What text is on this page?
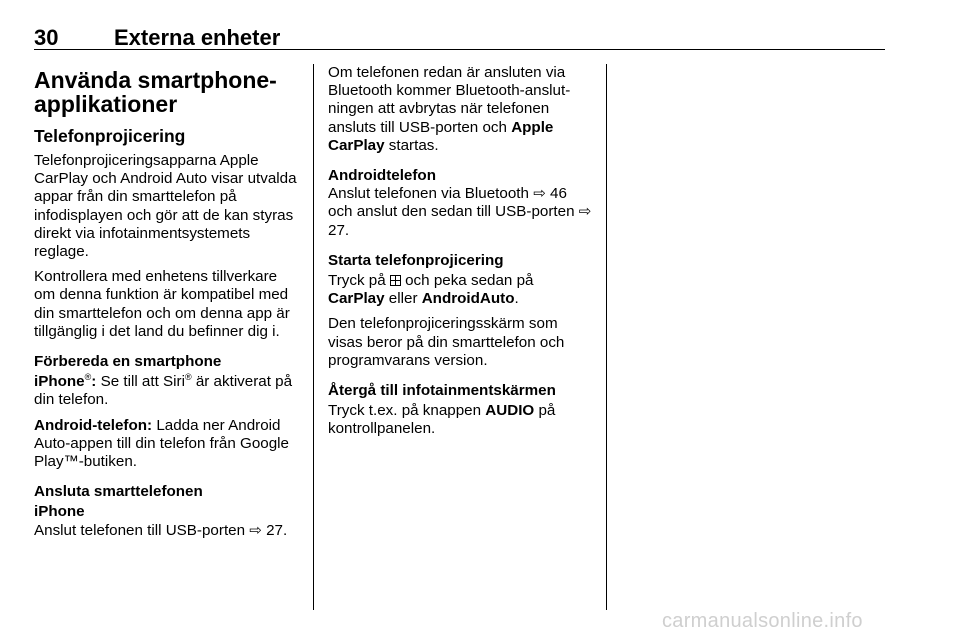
30	Externa enheter
Använda smartphone-applikationer
Telefonprojicering

Telefonprojiceringsapparna Apple CarPlay och Android Auto visar utvalda appar från din smarttelefon på infodisplayen och gör att de kan styras direkt via infotainmentsystemets reglage.

Kontrollera med enhetens tillverkare om denna funktion är kompatibel med din smarttelefon och om denna app är tillgänglig i det land du befinner dig i.

Förbereda en smartphone

iPhone®: Se till att Siri® är aktiverat på din telefon.

Android-telefon: Ladda ner Android Auto-appen till din telefon från Google Play™-butiken.

Ansluta smarttelefonen
iPhone

Anslut telefonen till USB-porten ⇨ 27.

Om telefonen redan är ansluten via Bluetooth kommer Bluetooth-anslutningen att avbrytas när telefonen ansluts till USB-porten och Apple CarPlay startas.

Androidtelefon

Anslut telefonen via Bluetooth ⇨ 46 och anslut den sedan till USB-porten ⇨ 27.

Starta telefonprojicering

Tryck på  och peka sedan på CarPlay eller AndroidAuto.

Den telefonprojiceringsskärm som visas beror på din smarttelefon och programvarans version.

Återgå till infotainmentskärmen

Tryck t.ex. på knappen AUDIO på kontrollpanelen.

carmanualsonline.info
